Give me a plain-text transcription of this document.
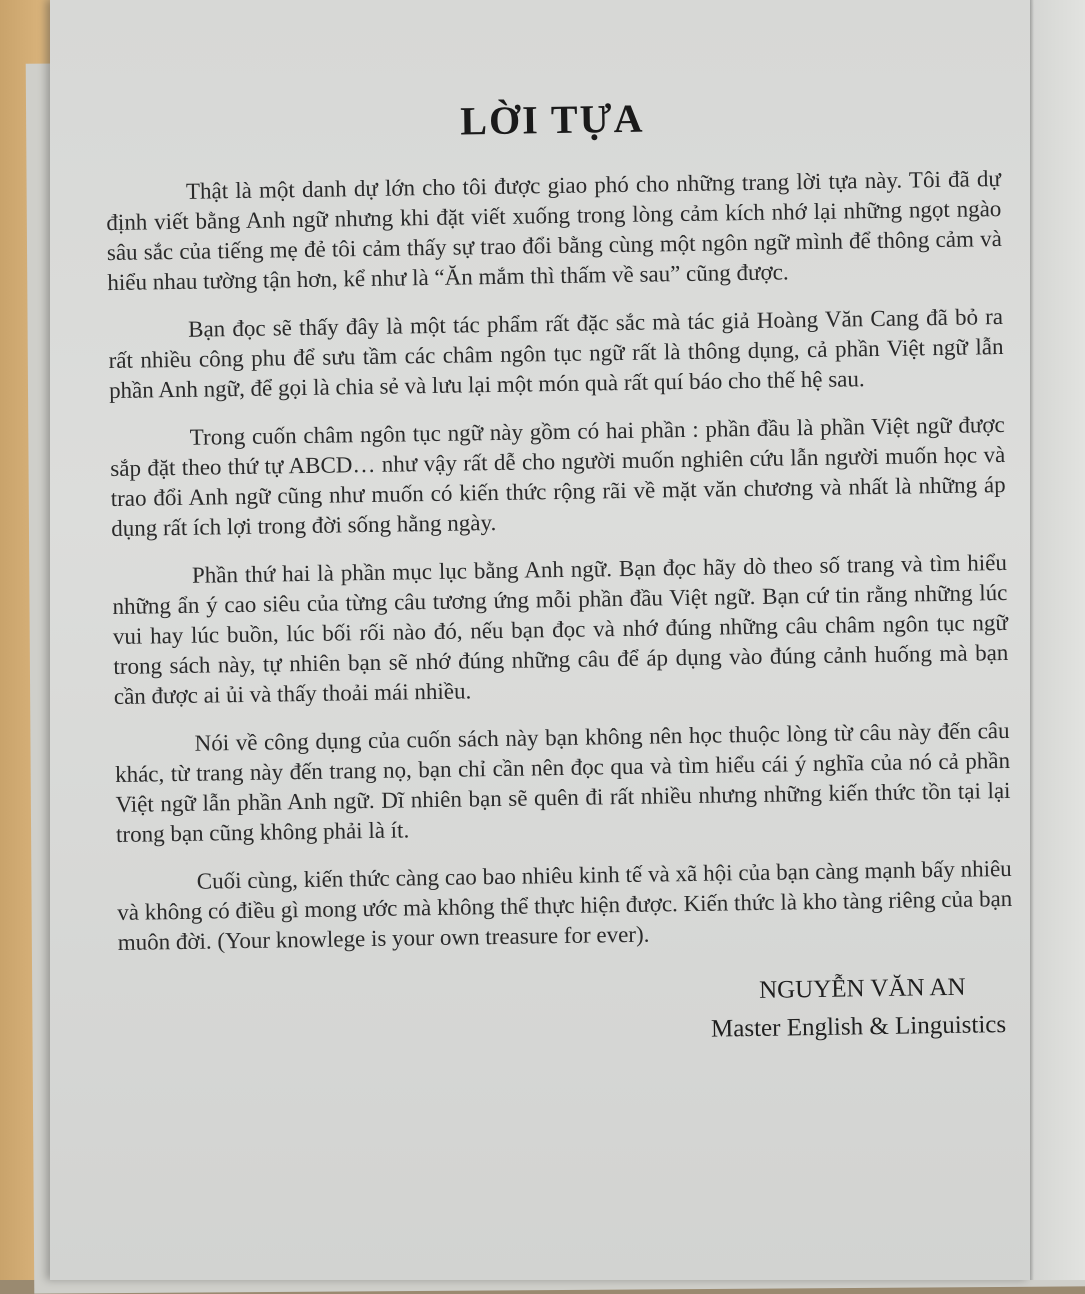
LỜI TỰA

Thật là một danh dự lớn cho tôi được giao phó cho những trang lời tựa này. Tôi đã dự định viết bằng Anh ngữ nhưng khi đặt viết xuống trong lòng cảm kích nhớ lại những ngọt ngào sâu sắc của tiếng mẹ đẻ tôi cảm thấy sự trao đổi bằng cùng một ngôn ngữ mình để thông cảm và hiểu nhau tường tận hơn, kể như là “Ăn mắm thì thấm về sau” cũng được.

Bạn đọc sẽ thấy đây là một tác phẩm rất đặc sắc mà tác giả Hoàng Văn Cang đã bỏ ra rất nhiều công phu để sưu tầm các châm ngôn tục ngữ rất là thông dụng, cả phần Việt ngữ lẫn phần Anh ngữ, để gọi là chia sẻ và lưu lại một món quà rất quí báo cho thế hệ sau.

Trong cuốn châm ngôn tục ngữ này gồm có hai phần : phần đầu là phần Việt ngữ được sắp đặt theo thứ tự ABCD… như vậy rất dễ cho người muốn nghiên cứu lẫn người muốn học và trao đổi Anh ngữ cũng như muốn có kiến thức rộng rãi về mặt văn chương và nhất là những áp dụng rất ích lợi trong đời sống hằng ngày.

Phần thứ hai là phần mục lục bằng Anh ngữ. Bạn đọc hãy dò theo số trang và tìm hiểu những ẩn ý cao siêu của từng câu tương ứng mỗi phần đầu Việt ngữ. Bạn cứ tin rằng những lúc vui hay lúc buồn, lúc bối rối nào đó, nếu bạn đọc và nhớ đúng những câu châm ngôn tục ngữ trong sách này, tự nhiên bạn sẽ nhớ đúng những câu để áp dụng vào đúng cảnh huống mà bạn cần được ai ủi và thấy thoải mái nhiều.

Nói về công dụng của cuốn sách này bạn không nên học thuộc lòng từ câu này đến câu khác, từ trang này đến trang nọ, bạn chỉ cần nên đọc qua và tìm hiểu cái ý nghĩa của nó cả phần Việt ngữ lẫn phần Anh ngữ. Dĩ nhiên bạn sẽ quên đi rất nhiều nhưng những kiến thức tồn tại lại trong bạn cũng không phải là ít.

Cuối cùng, kiến thức càng cao bao nhiêu kinh tế và xã hội của bạn càng mạnh bấy nhiêu và không có điều gì mong ước mà không thể thực hiện được. Kiến thức là kho tàng riêng của bạn muôn đời. (Your knowlege is your own treasure for ever).

NGUYỄN VĂN AN
Master English & Linguistics
